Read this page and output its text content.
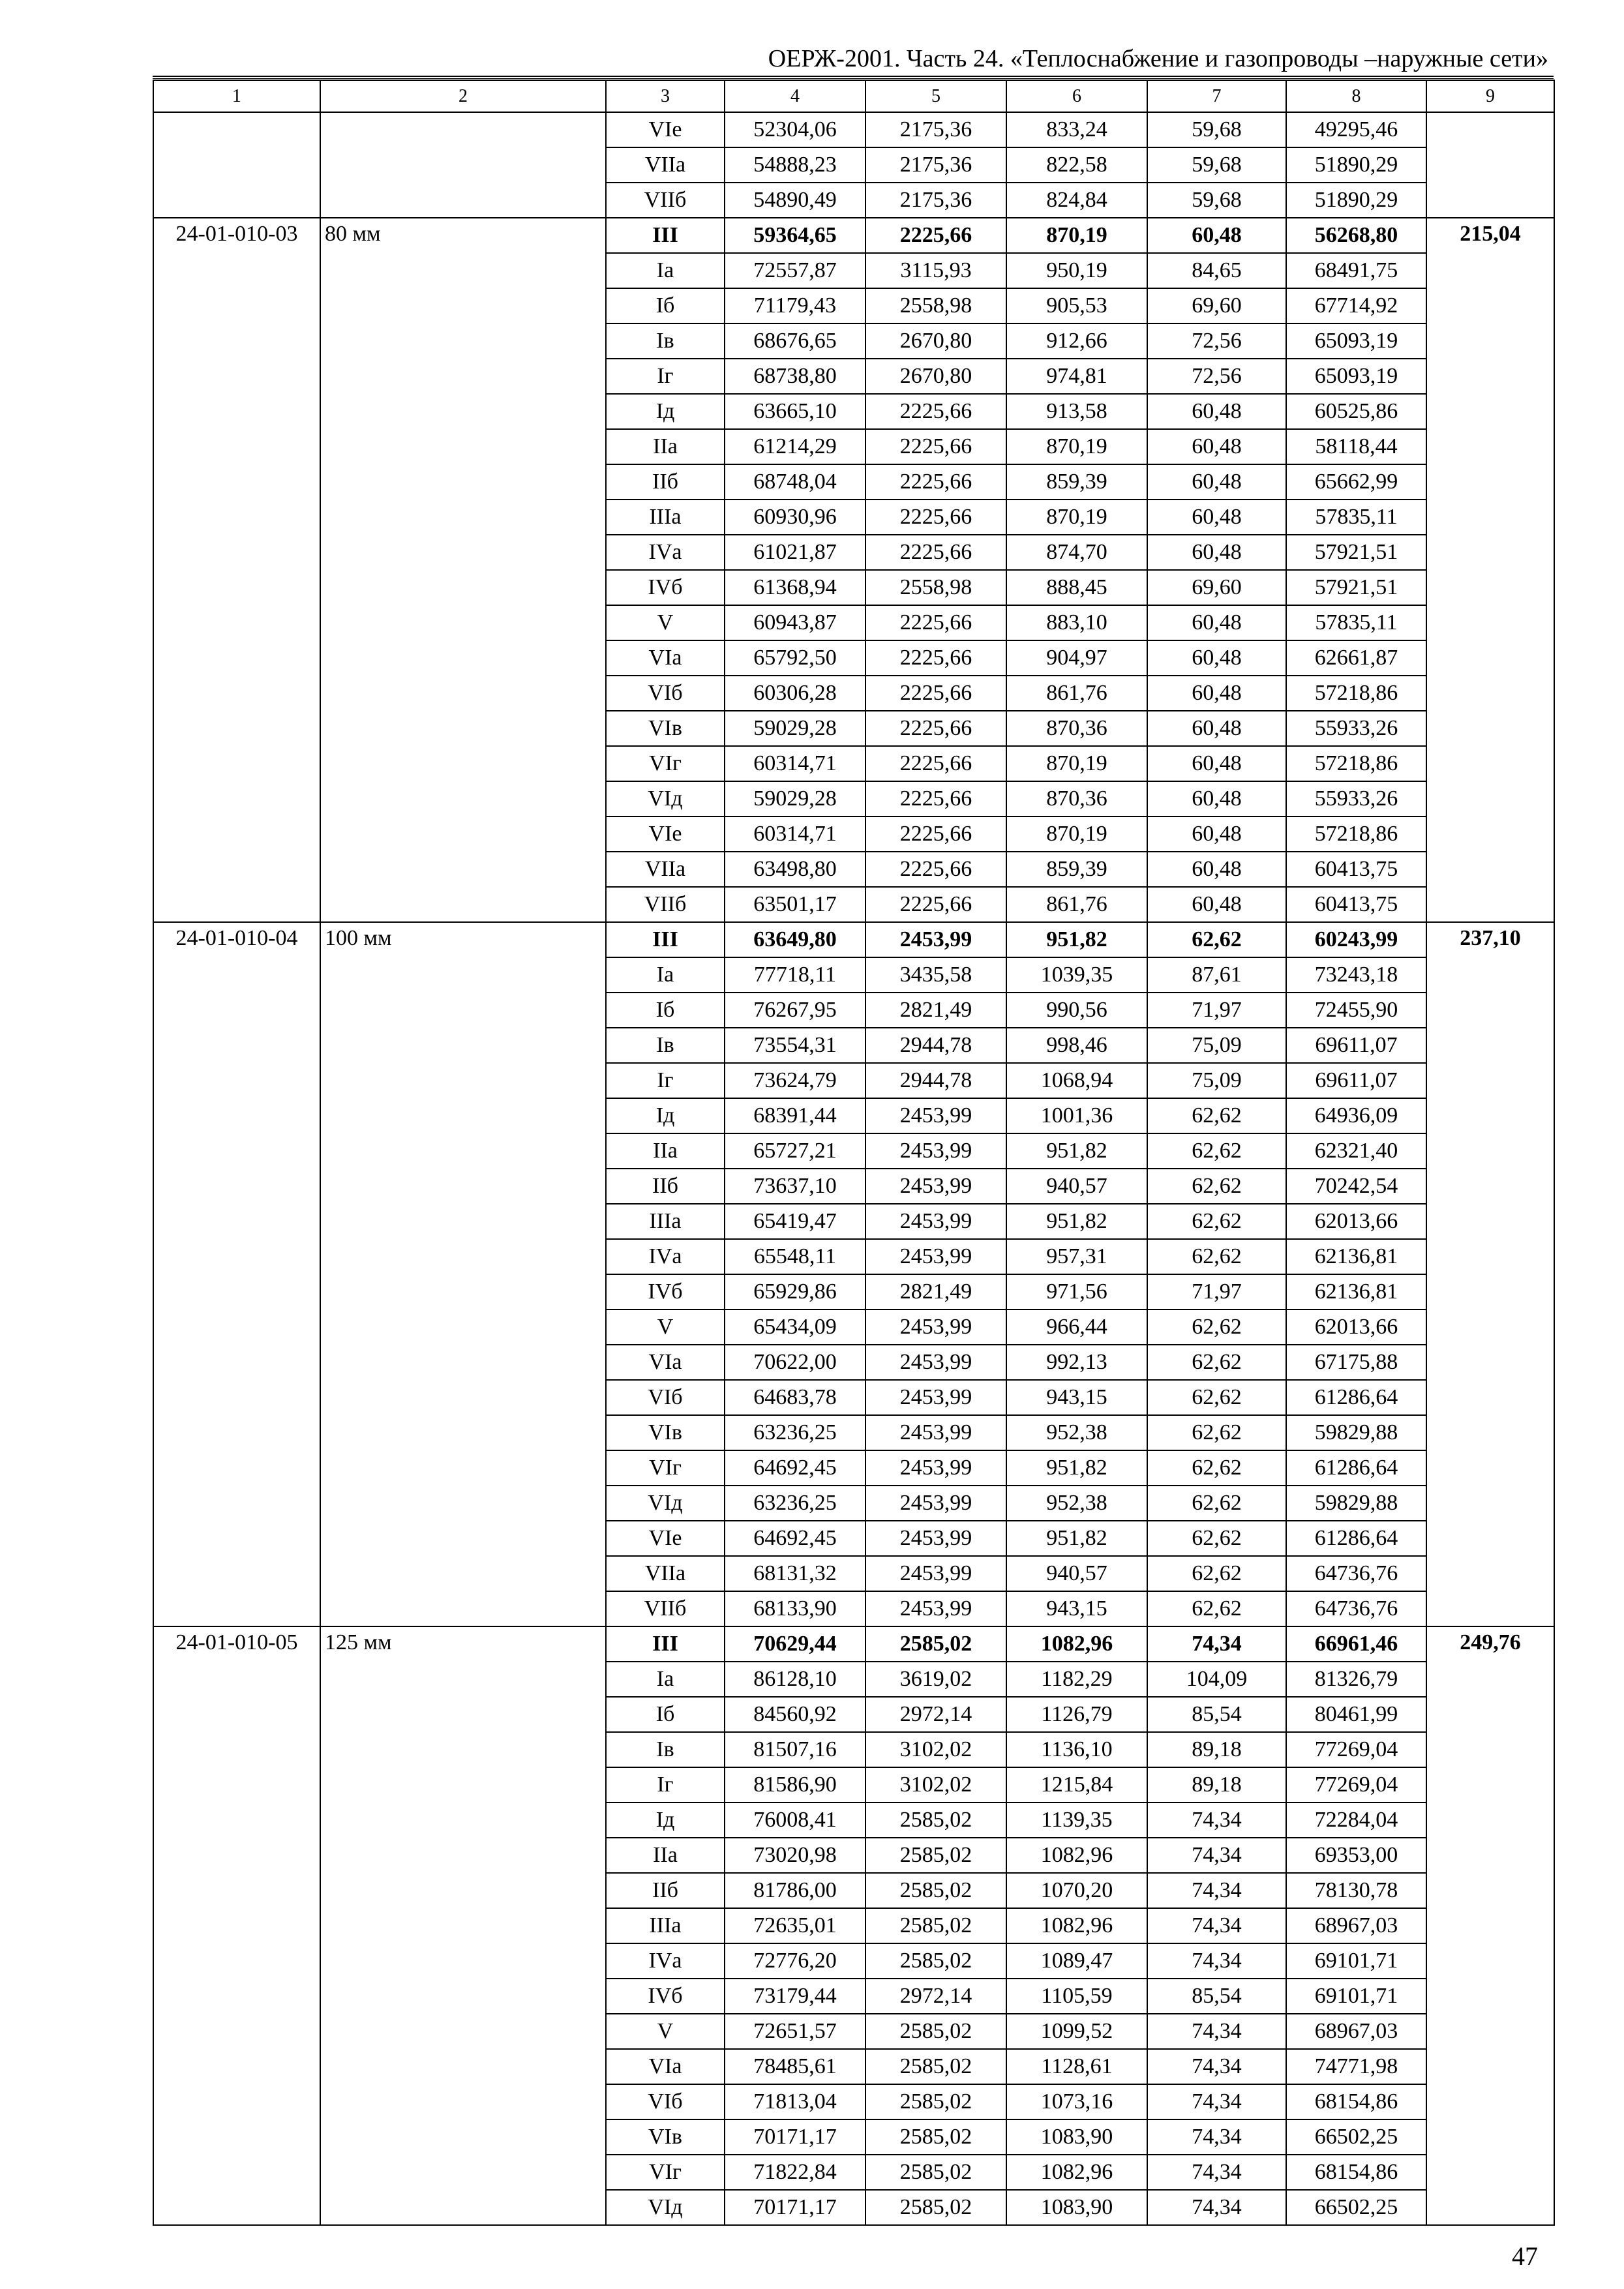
ОЕРЖ-2001. Часть 24. «Теплоснабжение и газопроводы –наружные сети»
1	2	3	4	5	6	7	8	9
		VIе	52304,06	2175,36	833,24	59,68	49295,46	
		VIIа	54888,23	2175,36	822,58	59,68	51890,29	
		VIIб	54890,49	2175,36	824,84	59,68	51890,29	
24-01-010-03	80 мм	III	59364,65	2225,66	870,19	60,48	56268,80	215,04
		Iа	72557,87	3115,93	950,19	84,65	68491,75	
		Iб	71179,43	2558,98	905,53	69,60	67714,92	
		Iв	68676,65	2670,80	912,66	72,56	65093,19	
		Iг	68738,80	2670,80	974,81	72,56	65093,19	
		Iд	63665,10	2225,66	913,58	60,48	60525,86	
		IIа	61214,29	2225,66	870,19	60,48	58118,44	
		IIб	68748,04	2225,66	859,39	60,48	65662,99	
		IIIа	60930,96	2225,66	870,19	60,48	57835,11	
		IVа	61021,87	2225,66	874,70	60,48	57921,51	
		IVб	61368,94	2558,98	888,45	69,60	57921,51	
		V	60943,87	2225,66	883,10	60,48	57835,11	
		VIа	65792,50	2225,66	904,97	60,48	62661,87	
		VIб	60306,28	2225,66	861,76	60,48	57218,86	
		VIв	59029,28	2225,66	870,36	60,48	55933,26	
		VIг	60314,71	2225,66	870,19	60,48	57218,86	
		VIд	59029,28	2225,66	870,36	60,48	55933,26	
		VIе	60314,71	2225,66	870,19	60,48	57218,86	
		VIIа	63498,80	2225,66	859,39	60,48	60413,75	
		VIIб	63501,17	2225,66	861,76	60,48	60413,75	
24-01-010-04	100 мм	III	63649,80	2453,99	951,82	62,62	60243,99	237,10
		Iа	77718,11	3435,58	1039,35	87,61	73243,18	
		Iб	76267,95	2821,49	990,56	71,97	72455,90	
		Iв	73554,31	2944,78	998,46	75,09	69611,07	
		Iг	73624,79	2944,78	1068,94	75,09	69611,07	
		Iд	68391,44	2453,99	1001,36	62,62	64936,09	
		IIа	65727,21	2453,99	951,82	62,62	62321,40	
		IIб	73637,10	2453,99	940,57	62,62	70242,54	
		IIIа	65419,47	2453,99	951,82	62,62	62013,66	
		IVа	65548,11	2453,99	957,31	62,62	62136,81	
		IVб	65929,86	2821,49	971,56	71,97	62136,81	
		V	65434,09	2453,99	966,44	62,62	62013,66	
		VIа	70622,00	2453,99	992,13	62,62	67175,88	
		VIб	64683,78	2453,99	943,15	62,62	61286,64	
		VIв	63236,25	2453,99	952,38	62,62	59829,88	
		VIг	64692,45	2453,99	951,82	62,62	61286,64	
		VIд	63236,25	2453,99	952,38	62,62	59829,88	
		VIе	64692,45	2453,99	951,82	62,62	61286,64	
		VIIа	68131,32	2453,99	940,57	62,62	64736,76	
		VIIб	68133,90	2453,99	943,15	62,62	64736,76	
24-01-010-05	125 мм	III	70629,44	2585,02	1082,96	74,34	66961,46	249,76
		Iа	86128,10	3619,02	1182,29	104,09	81326,79	
		Iб	84560,92	2972,14	1126,79	85,54	80461,99	
		Iв	81507,16	3102,02	1136,10	89,18	77269,04	
		Iг	81586,90	3102,02	1215,84	89,18	77269,04	
		Iд	76008,41	2585,02	1139,35	74,34	72284,04	
		IIа	73020,98	2585,02	1082,96	74,34	69353,00	
		IIб	81786,00	2585,02	1070,20	74,34	78130,78	
		IIIа	72635,01	2585,02	1082,96	74,34	68967,03	
		IVа	72776,20	2585,02	1089,47	74,34	69101,71	
		IVб	73179,44	2972,14	1105,59	85,54	69101,71	
		V	72651,57	2585,02	1099,52	74,34	68967,03	
		VIа	78485,61	2585,02	1128,61	74,34	74771,98	
		VIб	71813,04	2585,02	1073,16	74,34	68154,86	
		VIв	70171,17	2585,02	1083,90	74,34	66502,25	
		VIг	71822,84	2585,02	1082,96	74,34	68154,86	
		VIд	70171,17	2585,02	1083,90	74,34	66502,25	
47
